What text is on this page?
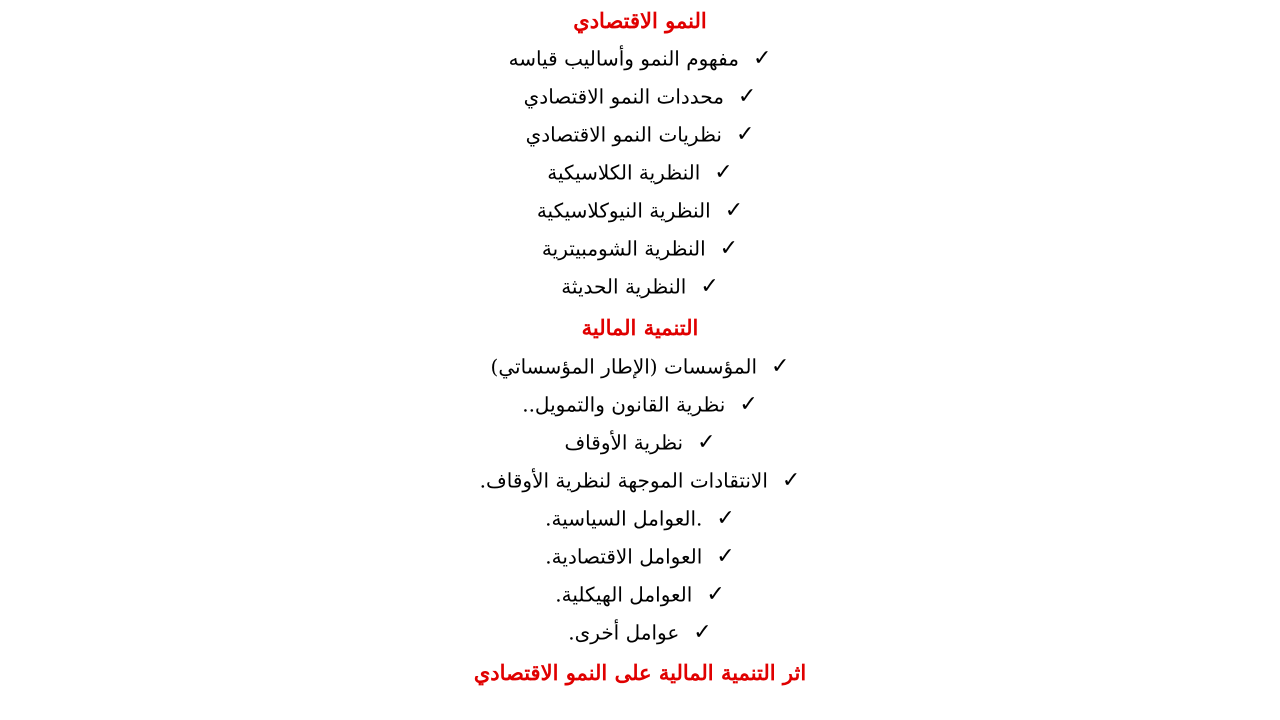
النمو الاقتصادي
✓مفهوم النمو وأساليب قياسه
✓محددات النمو الاقتصادي
✓نظريات النمو الاقتصادي
✓النظرية الكلاسيكية
✓النظرية النيوكلاسيكية
✓النظرية الشومبيترية
✓النظرية الحديثة
التنمية المالية
✓المؤسسات (الإطار المؤسساتي)
✓نظرية القانون والتمويل..
✓نظرية الأوقاف
✓الانتقادات الموجهة لنظرية الأوقاف.
✓.العوامل السياسية.
✓العوامل الاقتصادية.
✓العوامل الهيكلية.
✓عوامل أخرى.
اثر التنمية المالية على النمو الاقتصادي
